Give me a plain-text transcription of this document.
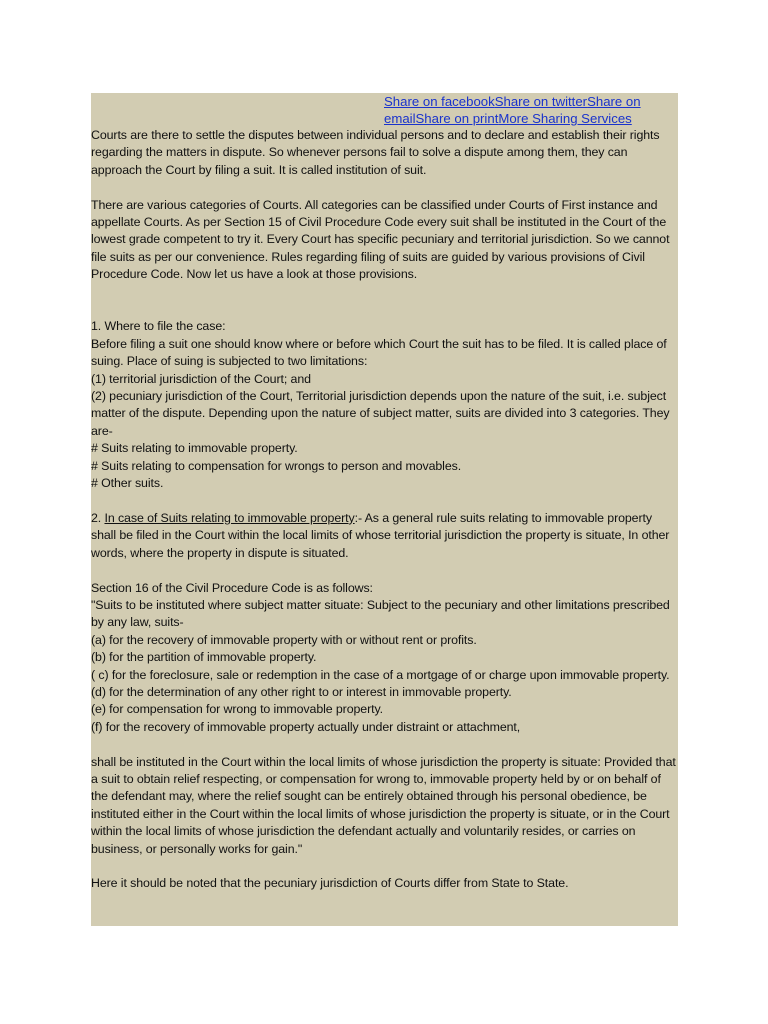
Share on facebookShare on twitterShare on emailShare on printMore Sharing Services

Courts are there to settle the disputes between individual persons and to declare and establish their rights regarding the matters in dispute. So whenever persons fail to solve a dispute among them, they can approach the Court by filing a suit. It is called institution of suit.

There are various categories of Courts. All categories can be classified under Courts of First instance and appellate Courts. As per Section 15 of Civil Procedure Code every suit shall be instituted in the Court of the lowest grade competent to try it. Every Court has specific pecuniary and territorial jurisdiction. So we cannot file suits as per our convenience. Rules regarding filing of suits are guided by various provisions of Civil Procedure Code. Now let us have a look at those provisions.

1. Where to file the case:

Before filing a suit one should know where or before which Court the suit has to be filed. It is called place of suing. Place of suing is subjected to two limitations:

(1) territorial jurisdiction of the Court; and

(2) pecuniary jurisdiction of the Court, Territorial jurisdiction depends upon the nature of the suit, i.e. subject matter of the dispute. Depending upon the nature of subject matter, suits are divided into 3 categories. They are-

# Suits relating to immovable property.

# Suits relating to compensation for wrongs to person and movables.

# Other suits.

2. In case of Suits relating to immovable property:- As a general rule suits relating to immovable property shall be filed in the Court within the local limits of whose territorial jurisdiction the property is situate, In other words, where the property in dispute is situated.

Section 16 of the Civil Procedure Code is as follows:

"Suits to be instituted where subject matter situate: Subject to the pecuniary and other limitations prescribed by any law, suits-

(a) for the recovery of immovable property with or without rent or profits.

(b) for the partition of immovable property.

( c) for the foreclosure, sale or redemption in the case of a mortgage of or charge upon immovable property.

(d) for the determination of any other right to or interest in immovable property.

(e) for compensation for wrong to immovable property.

(f) for the recovery of immovable property actually under distraint or attachment,

shall be instituted in the Court within the local limits of whose jurisdiction the property is situate: Provided that a suit to obtain relief respecting, or compensation for wrong to, immovable property held by or on behalf of the defendant may, where the relief sought can be entirely obtained through his personal obedience, be instituted either in the Court within the local limits of whose jurisdiction the property is situate, or in the Court within the local limits of whose jurisdiction the defendant actually and voluntarily resides, or carries on business, or personally works for gain."

Here it should be noted that the pecuniary jurisdiction of Courts differ from State to State.
